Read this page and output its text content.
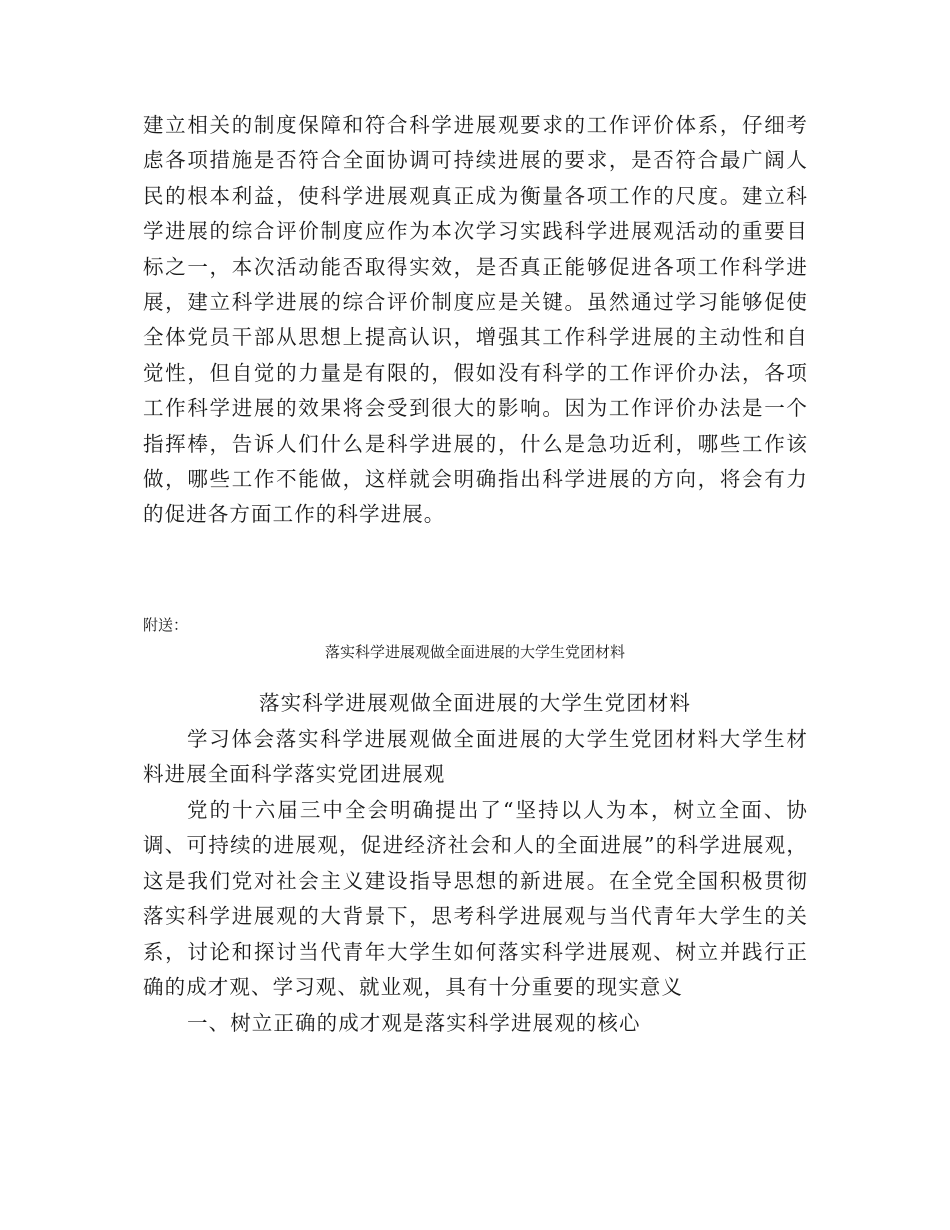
建立相关的制度保障和符合科学进展观要求的工作评价体系，仔细考虑各项措施是否符合全面协调可持续进展的要求，是否符合最广阔人民的根本利益，使科学进展观真正成为衡量各项工作的尺度。建立科学进展的综合评价制度应作为本次学习实践科学进展观活动的重要目标之一，本次活动能否取得实效，是否真正能够促进各项工作科学进展，建立科学进展的综合评价制度应是关键。虽然通过学习能够促使全体党员干部从思想上提高认识，增强其工作科学进展的主动性和自觉性，但自觉的力量是有限的，假如没有科学的工作评价办法，各项工作科学进展的效果将会受到很大的影响。因为工作评价办法是一个指挥棒，告诉人们什么是科学进展的，什么是急功近利，哪些工作该做，哪些工作不能做，这样就会明确指出科学进展的方向，将会有力的促进各方面工作的科学进展。

附送：

落实科学进展观做全面进展的大学生党团材料

落实科学进展观做全面进展的大学生党团材料

学习体会落实科学进展观做全面进展的大学生党团材料大学生材料进展全面科学落实党团进展观

党的十六届三中全会明确提出了“坚持以人为本，树立全面、协调、可持续的进展观，促进经济社会和人的全面进展”的科学进展观，这是我们党对社会主义建设指导思想的新进展。在全党全国积极贯彻落实科学进展观的大背景下，思考科学进展观与当代青年大学生的关系，讨论和探讨当代青年大学生如何落实科学进展观、树立并践行正确的成才观、学习观、就业观，具有十分重要的现实意义

一、树立正确的成才观是落实科学进展观的核心
